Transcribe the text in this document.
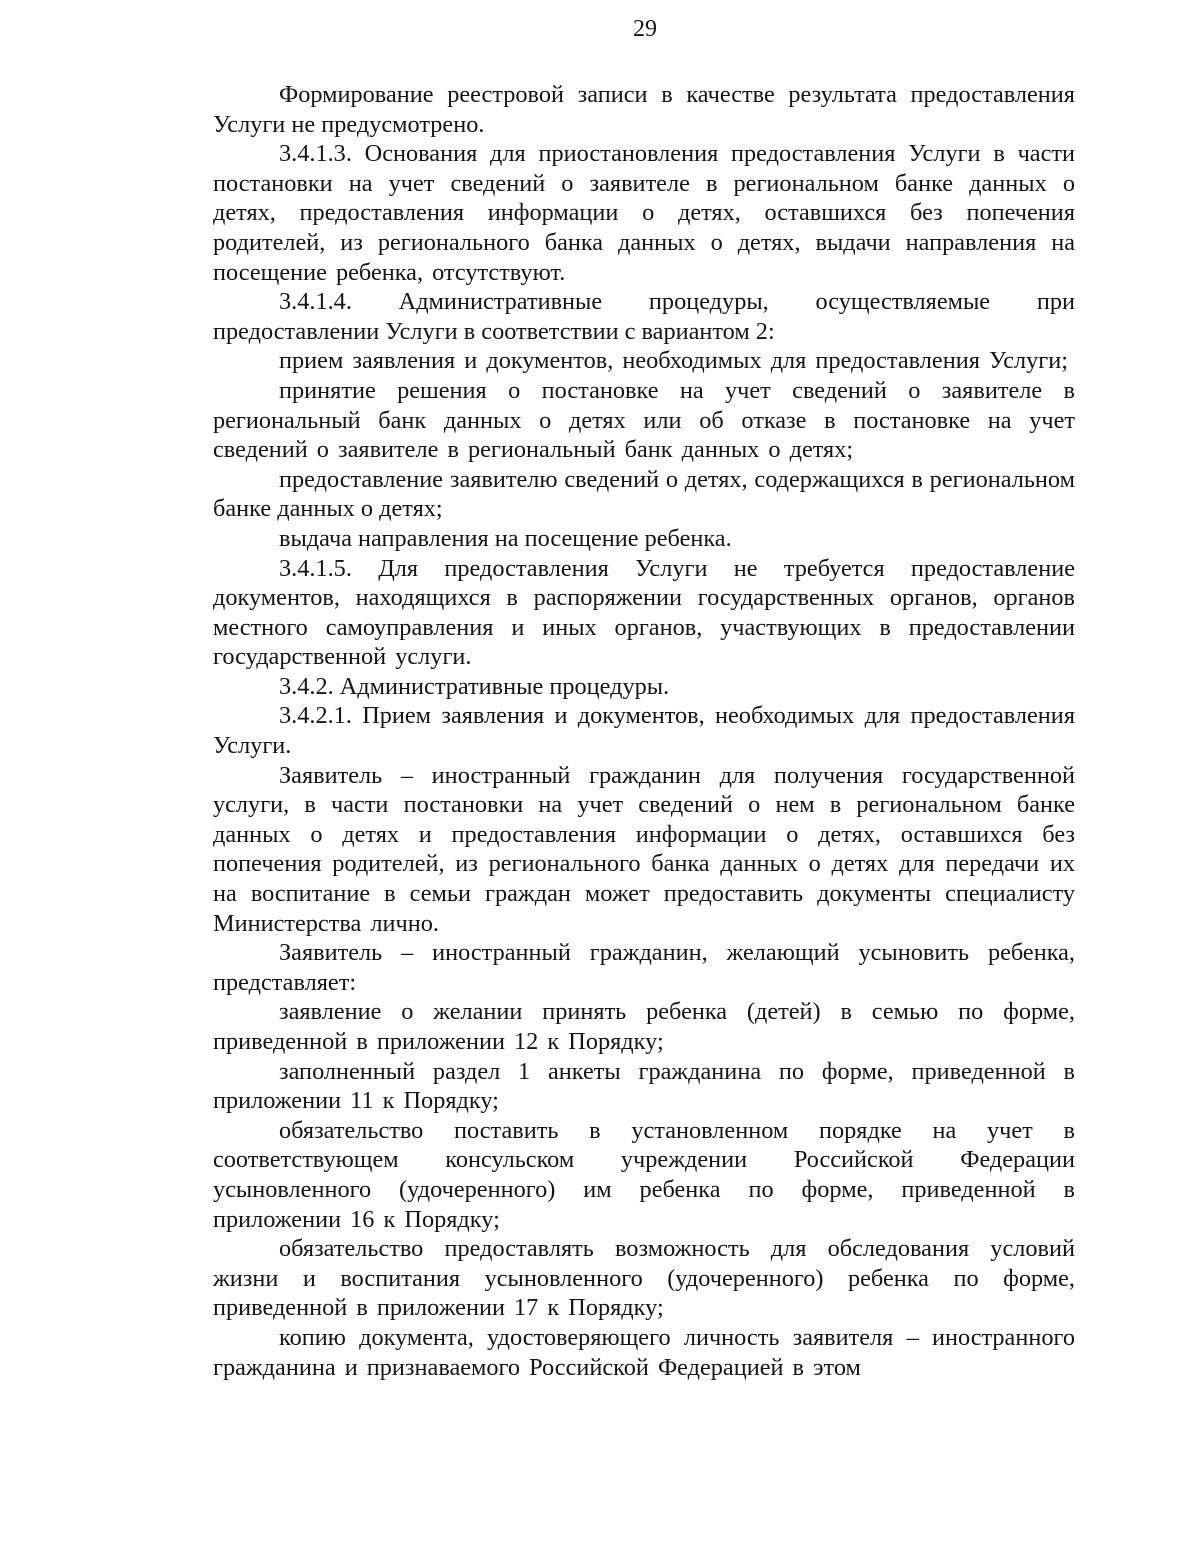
29

Формирование реестровой записи в качестве результата предоставления Услуги не предусмотрено.

3.4.1.3. Основания для приостановления предоставления Услуги в части постановки на учет сведений о заявителе в региональном банке данных о детях, предоставления информации о детях, оставшихся без попечения родителей, из регионального банка данных о детях, выдачи направления на посещение ребенка, отсутствуют.

3.4.1.4. Административные процедуры, осуществляемые при предоставлении Услуги в соответствии с вариантом 2:

прием заявления и документов, необходимых для предоставления Услуги;

принятие решения о постановке на учет сведений о заявителе в региональный банк данных о детях или об отказе в постановке на учет сведений о заявителе в региональный банк данных о детях;

предоставление заявителю сведений о детях, содержащихся в региональном банке данных о детях;

выдача направления на посещение ребенка.

3.4.1.5. Для предоставления Услуги не требуется предоставление документов, находящихся в распоряжении государственных органов, органов местного самоуправления и иных органов, участвующих в предоставлении государственной услуги.

3.4.2. Административные процедуры.

3.4.2.1. Прием заявления и документов, необходимых для предоставления Услуги.

Заявитель – иностранный гражданин для получения государственной услуги, в части постановки на учет сведений о нем в региональном банке данных о детях и предоставления информации о детях, оставшихся без попечения родителей, из регионального банка данных о детях для передачи их на воспитание в семьи граждан может предоставить документы специалисту Министерства лично.

Заявитель – иностранный гражданин, желающий усыновить ребенка, представляет:

заявление о желании принять ребенка (детей) в семью по форме, приведенной в приложении 12 к Порядку;

заполненный раздел 1 анкеты гражданина по форме, приведенной в приложении 11 к Порядку;

обязательство поставить в установленном порядке на учет в соответствующем консульском учреждении Российской Федерации усыновленного (удочеренного) им ребенка по форме, приведенной в приложении 16 к Порядку;

обязательство предоставлять возможность для обследования условий жизни и воспитания усыновленного (удочеренного) ребенка по форме, приведенной в приложении 17 к Порядку;

копию документа, удостоверяющего личность заявителя – иностранного гражданина и признаваемого Российской Федерацией в этом
